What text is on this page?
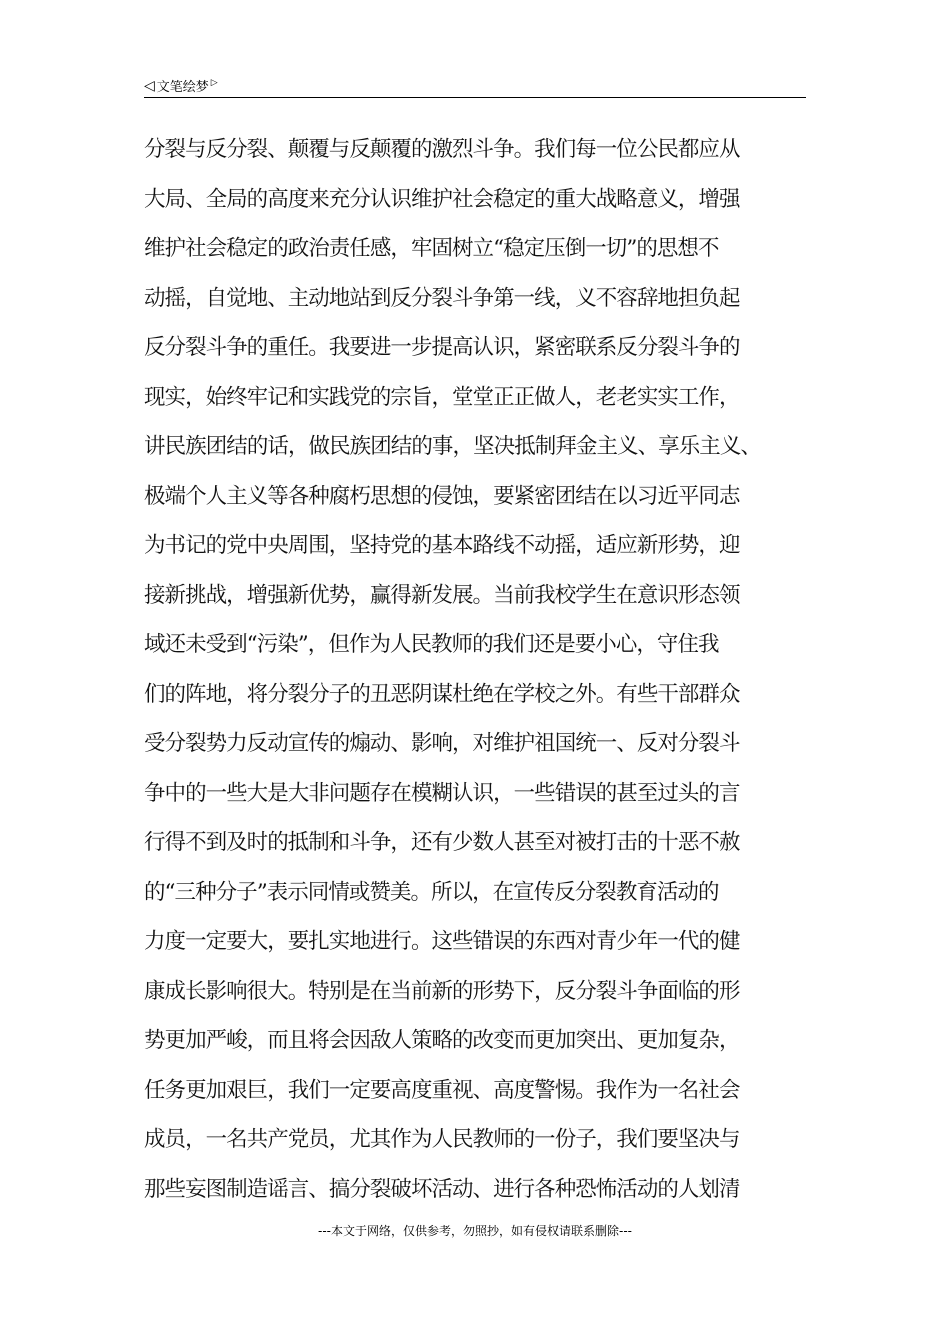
◁ 文笔绘梦 ▷
分裂与反分裂、颠覆与反颠覆的激烈斗争。我们每一位公民都应从
大局、全局的高度来充分认识维护社会稳定的重大战略意义，增强
维护社会稳定的政治责任感，牢固树立“稳定压倒一切”的思想不
动摇，自觉地、主动地站到反分裂斗争第一线，义不容辞地担负起
反分裂斗争的重任。我要进一步提高认识，紧密联系反分裂斗争的
现实，始终牢记和实践党的宗旨，堂堂正正做人，老老实实工作，
讲民族团结的话，做民族团结的事，坚决抵制拜金主义、享乐主义、
极端个人主义等各种腐朽思想的侵蚀，要紧密团结在以习近平同志
为书记的党中央周围，坚持党的基本路线不动摇，适应新形势，迎
接新挑战，增强新优势，赢得新发展。当前我校学生在意识形态领
域还未受到“污染”，但作为人民教师的我们还是要小心，守住我
们的阵地，将分裂分子的丑恶阴谋杜绝在学校之外。有些干部群众
受分裂势力反动宣传的煽动、影响，对维护祖国统一、反对分裂斗
争中的一些大是大非问题存在模糊认识，一些错误的甚至过头的言
行得不到及时的抵制和斗争，还有少数人甚至对被打击的十恶不赦
的“三种分子”表示同情或赞美。所以，在宣传反分裂教育活动的
力度一定要大，要扎实地进行。这些错误的东西对青少年一代的健
康成长影响很大。特别是在当前新的形势下，反分裂斗争面临的形
势更加严峻，而且将会因敌人策略的改变而更加突出、更加复杂，
任务更加艰巨，我们一定要高度重视、高度警惕。我作为一名社会
成员，一名共产党员，尤其作为人民教师的一份子，我们要坚决与
那些妄图制造谣言、搞分裂破坏活动、进行各种恐怖活动的人划清
---本文于网络，仅供参考，勿照抄，如有侵权请联系删除---
